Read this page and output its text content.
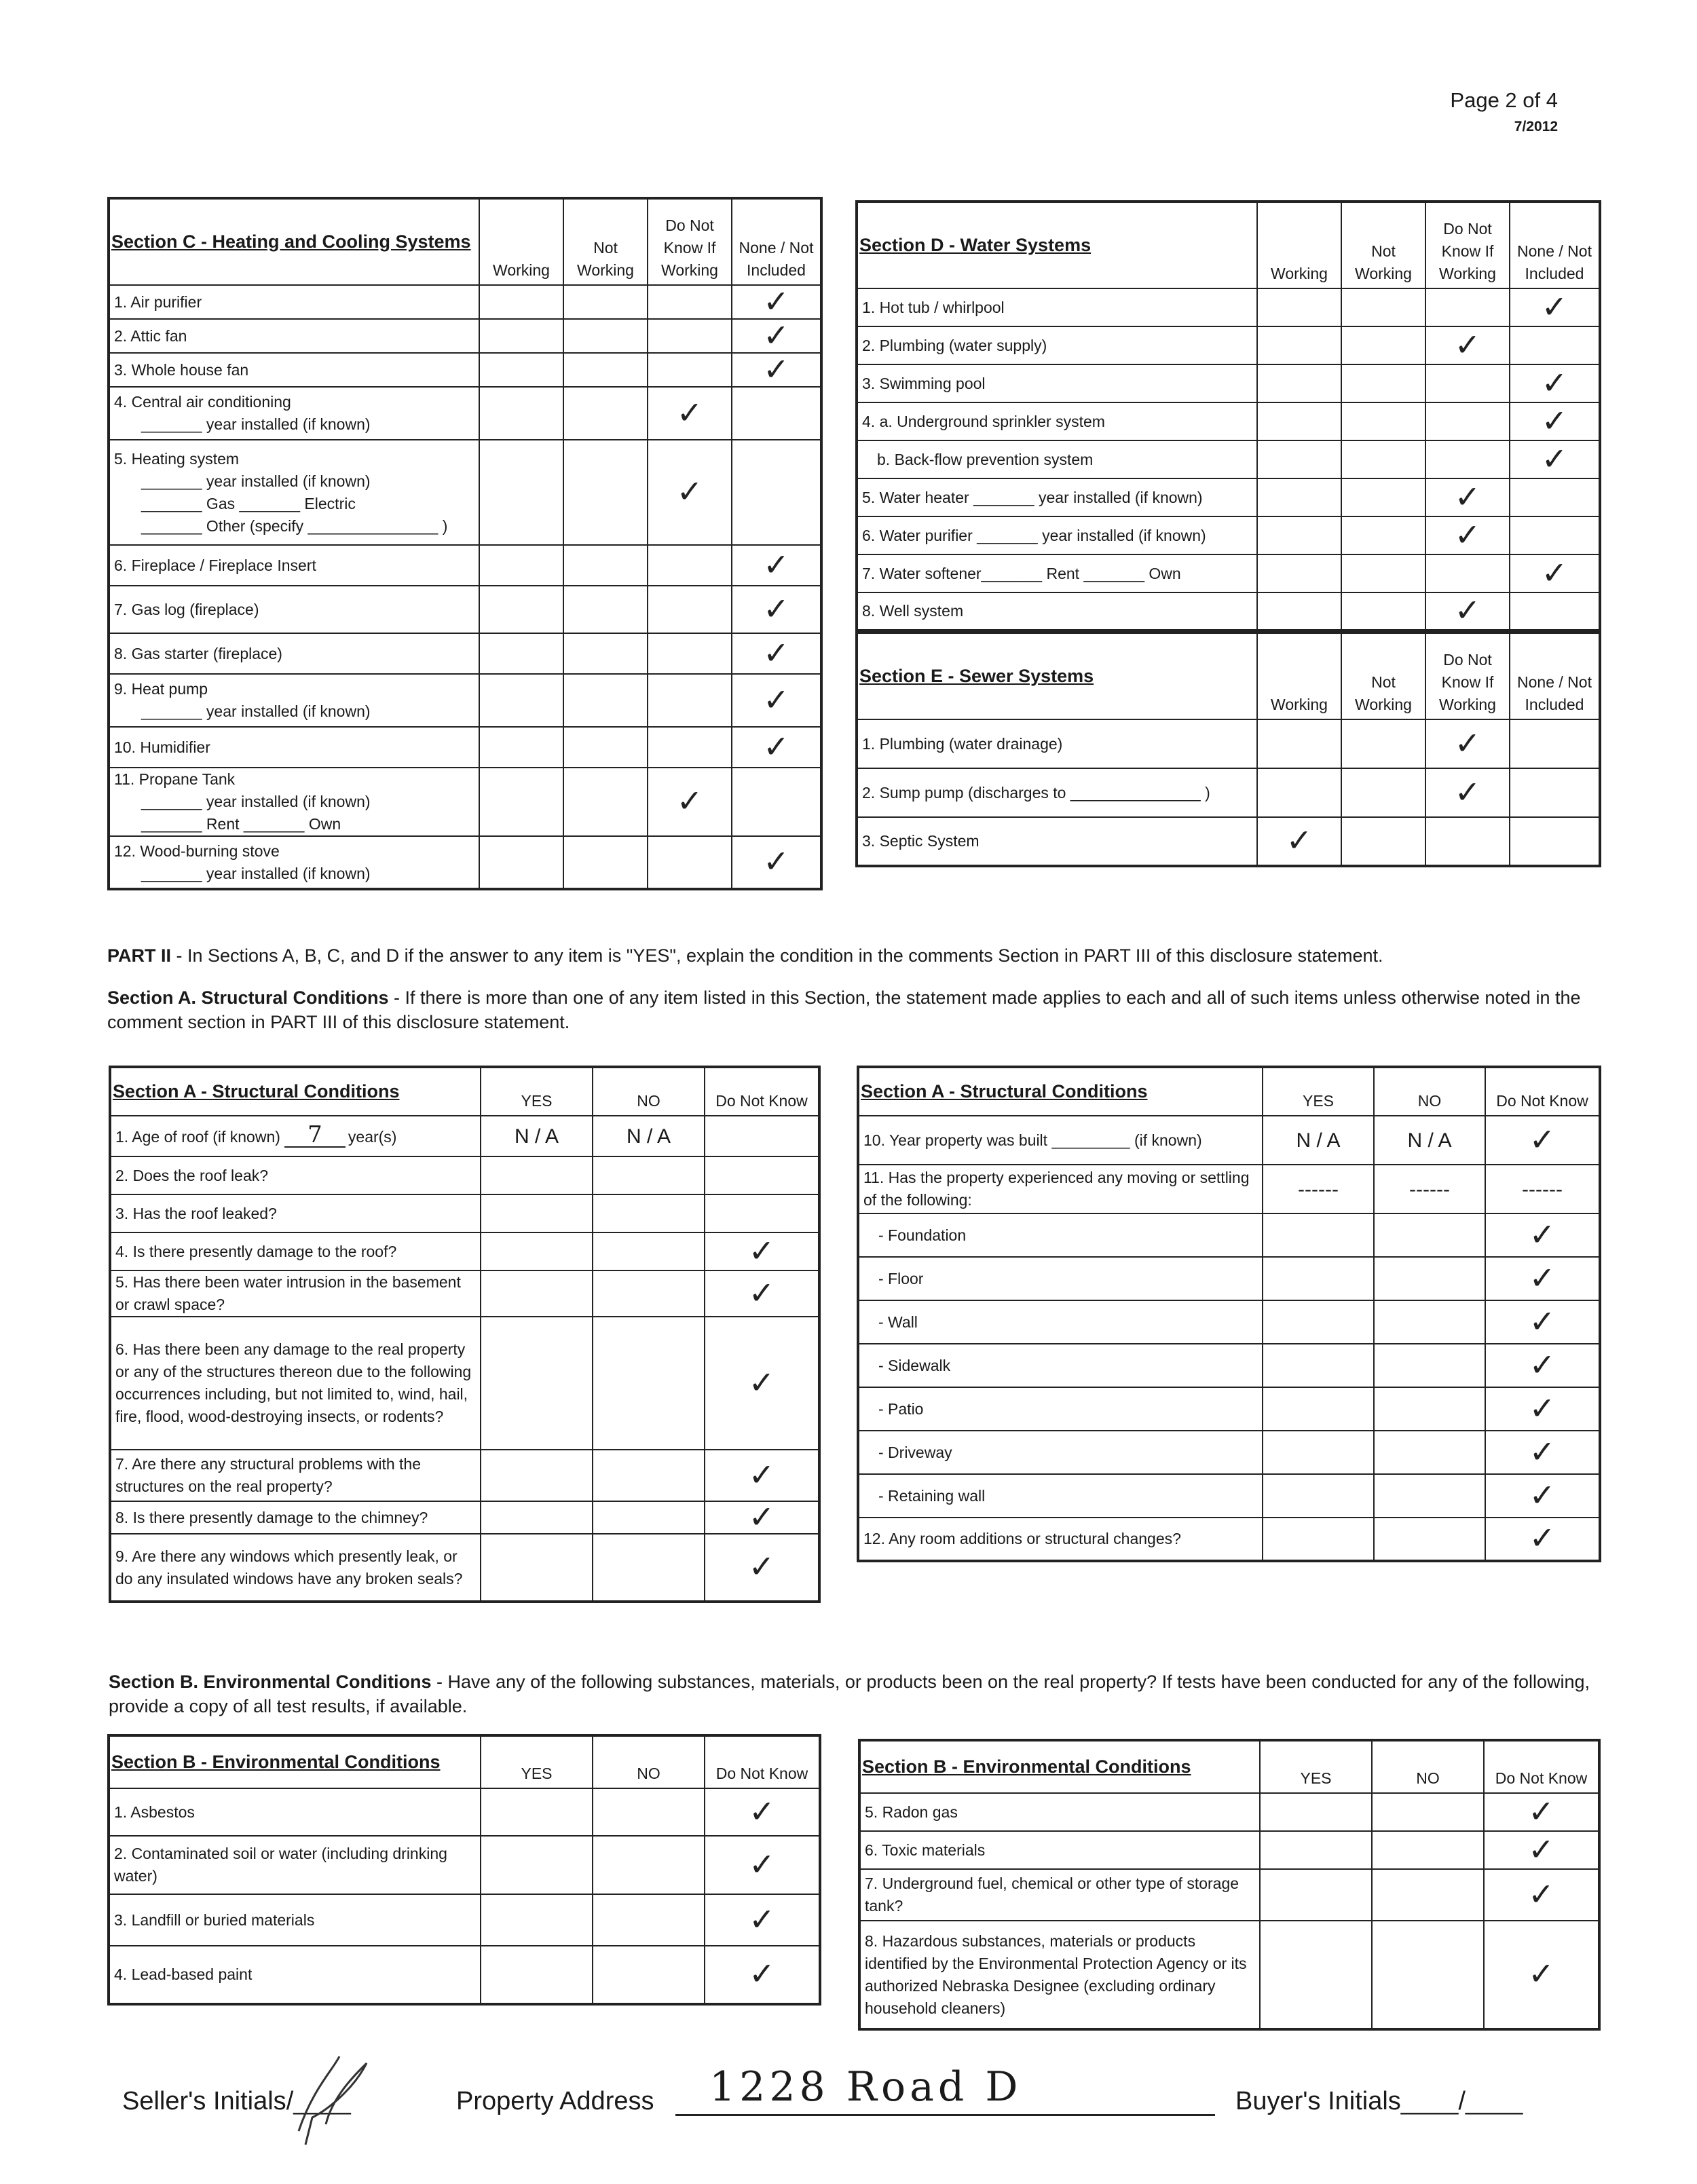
Page 2 of 4
7/2012
Section C - Heating and Cooling Systems	Working	Not Working	Do Not Know If Working	None / Not Included
1. Air purifier				✓
2. Attic fan				✓
3. Whole house fan				✓
4. Central air conditioning
_______ year installed (if known)			✓	
5. Heating system
_______ year installed (if known)
_______ Gas _______ Electric
_______ Other (specify _______________ )			✓	
6. Fireplace / Fireplace Insert				✓
7. Gas log (fireplace)				✓
8. Gas starter (fireplace)				✓
9. Heat pump
_______ year installed (if known)				✓
10. Humidifier				✓
11. Propane Tank
_______ year installed (if known)
_______ Rent _______ Own			✓	
12. Wood-burning stove
_______ year installed (if known)				✓
Section D - Water Systems	Working	Not Working	Do Not Know If Working	None / Not Included
1. Hot tub / whirlpool				✓
2. Plumbing (water supply)			✓	
3. Swimming pool				✓
4. a. Underground sprinkler system				✓
b. Back-flow prevention system				✓
5. Water heater _______ year installed (if known)			✓	
6. Water purifier _______ year installed (if known)			✓	
7. Water softener_______ Rent _______ Own				✓
8. Well system			✓	
Section E - Sewer Systems	Working	Not Working	Do Not Know If Working	None / Not Included
1. Plumbing (water drainage)			✓	
2. Sump pump (discharges to _______________ )			✓	
3. Septic System	✓			
PART II - In Sections A, B, C, and D if the answer to any item is "YES", explain the condition in the comments Section in PART III of this disclosure statement.
Section A. Structural Conditions - If there is more than one of any item listed in this Section, the statement made applies to each and all of such items unless otherwise noted in the comment section in PART III of this disclosure statement.
Section A - Structural Conditions	YES	NO	Do Not Know
1. Age of roof (if known) 7 year(s)	N / A	N / A	
2. Does the roof leak?			
3. Has the roof leaked?			
4. Is there presently damage to the roof?			✓
5. Has there been water intrusion in the basement or crawl space?			✓
6. Has there been any damage to the real property or any of the structures thereon due to the following occurrences including, but not limited to, wind, hail, fire, flood, wood-destroying insects, or rodents?			✓
7. Are there any structural problems with the structures on the real property?			✓
8. Is there presently damage to the chimney?			✓
9. Are there any windows which presently leak, or do any insulated windows have any broken seals?			✓
Section A - Structural Conditions	YES	NO	Do Not Know
10. Year property was built _________ (if known)	N / A	N / A	✓
11. Has the property experienced any moving or settling of the following:	------	------	------
- Foundation			✓
- Floor			✓
- Wall			✓
- Sidewalk			✓
- Patio			✓
- Driveway			✓
- Retaining wall			✓
12. Any room additions or structural changes?			✓
Section B. Environmental Conditions - Have any of the following substances, materials, or products been on the real property? If tests have been conducted for any of the following, provide a copy of all test results, if available.
Section B - Environmental Conditions	YES	NO	Do Not Know
1. Asbestos			✓
2. Contaminated soil or water (including drinking water)			✓
3. Landfill or buried materials			✓
4. Lead-based paint			✓
Section B - Environmental Conditions	YES	NO	Do Not Know
5. Radon gas			✓
6. Toxic materials			✓
7. Underground fuel, chemical or other type of storage tank?			✓
8. Hazardous substances, materials or products identified by the Environmental Protection Agency or its authorized Nebraska Designee (excluding ordinary household cleaners)			✓
Seller's Initials/____	Property Address 1228 Road D	Buyer's Initials____/____
